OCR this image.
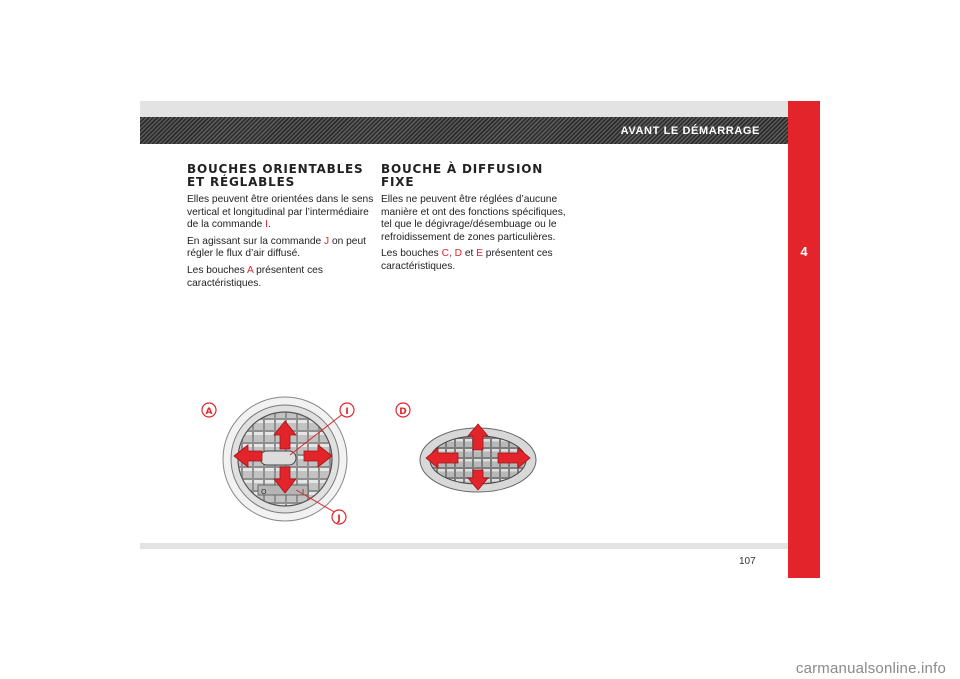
AVANT LE DÉMARRAGE
4
BOUCHES ORIENTABLES
ET RÉGLABLES

Elles peuvent être orientées dans le sens vertical et longitudinal par l’intermédiaire de la commande I.

En agissant sur la commande J on peut régler le flux d’air diffusé.

Les bouches A présentent ces caractéristiques.

BOUCHE À DIFFUSION
FIXE

Elles ne peuvent être réglées d’aucune manière et ont des fonctions spécifiques, tel que le dégivrage/désembuage ou le refroidissement de zones particulières.

Les bouches C, D et E présentent ces caractéristiques.

O	I
A	I
J
D
107
carmanualsonline.info
